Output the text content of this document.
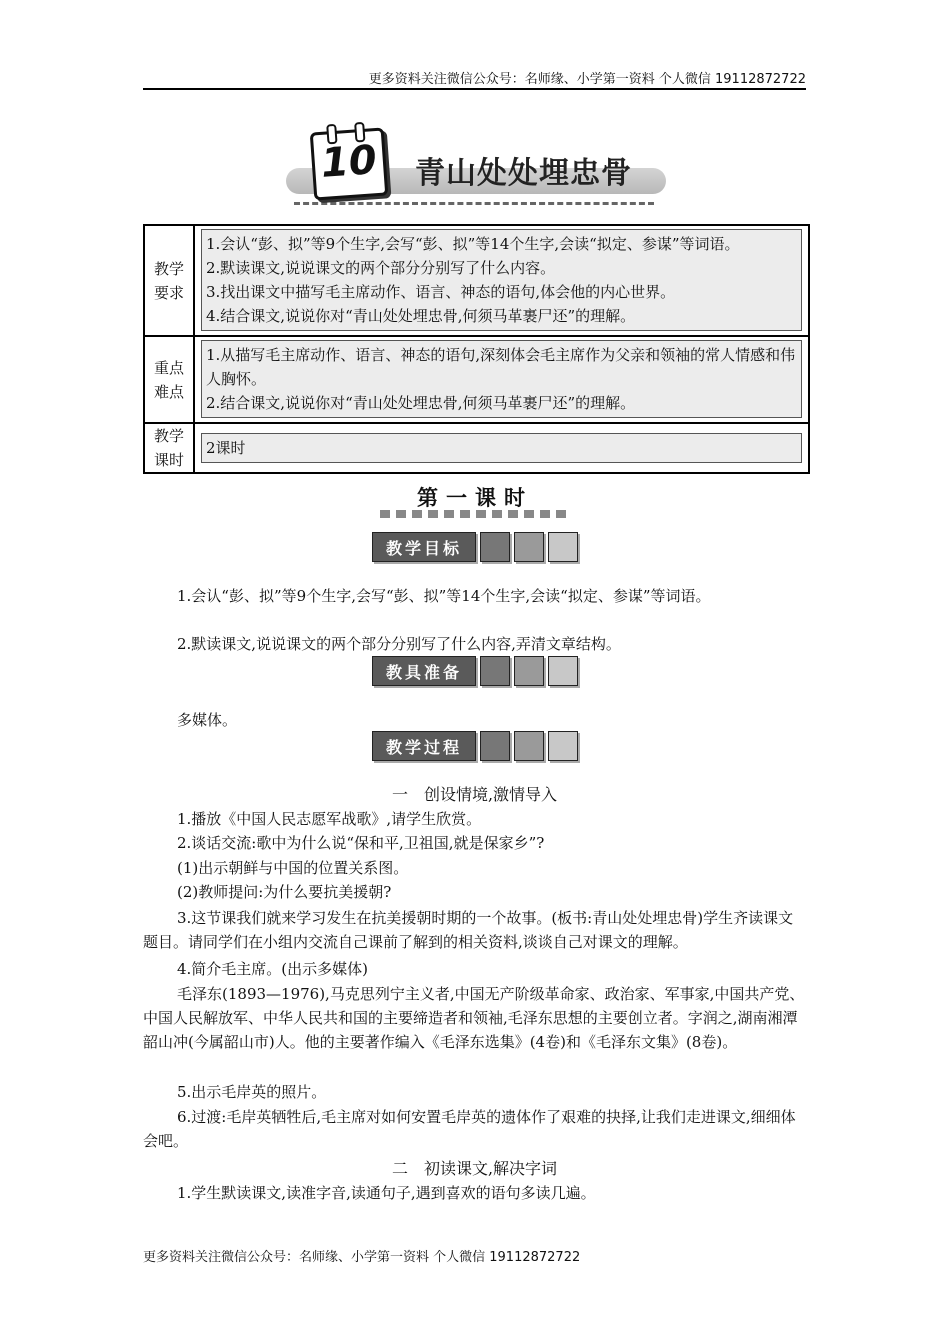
更多资料关注微信公众号：名师缘、小学第一资料 个人微信 19112872722
10 青山处处埋忠骨
教学
要求
1.会认“彭、拟”等9个生字,会写“彭、拟”等14个生字,会读“拟定、参谋”等词语。
2.默读课文,说说课文的两个部分分别写了什么内容。
3.找出课文中描写毛主席动作、语言、神态的语句,体会他的内心世界。
4.结合课文,说说你对“青山处处埋忠骨,何须马革裹尸还”的理解。
重点
难点
1.从描写毛主席动作、语言、神态的语句,深刻体会毛主席作为父亲和领袖的常人情感和伟人胸怀。
2.结合课文,说说你对“青山处处埋忠骨,何须马革裹尸还”的理解。
教学
课时
2课时
第一课时
教学目标
1.会认“彭、拟”等9个生字,会写“彭、拟”等14个生字,会读“拟定、参谋”等词语。
2.默读课文,说说课文的两个部分分别写了什么内容,弄清文章结构。
教具准备
多媒体。
教学过程
一　创设情境,激情导入
1.播放《中国人民志愿军战歌》,请学生欣赏。
2.谈话交流:歌中为什么说“保和平,卫祖国,就是保家乡”?
(1)出示朝鲜与中国的位置关系图。
(2)教师提问:为什么要抗美援朝?
3.这节课我们就来学习发生在抗美援朝时期的一个故事。(板书:青山处处埋忠骨)学生齐读课文题目。请同学们在小组内交流自己课前了解到的相关资料,谈谈自己对课文的理解。
4.简介毛主席。(出示多媒体)
毛泽东(1893—1976),马克思列宁主义者,中国无产阶级革命家、政治家、军事家,中国共产党、中国人民解放军、中华人民共和国的主要缔造者和领袖,毛泽东思想的主要创立者。字润之,湖南湘潭韶山冲(今属韶山市)人。他的主要著作编入《毛泽东选集》(4卷)和《毛泽东文集》(8卷)。
5.出示毛岸英的照片。
6.过渡:毛岸英牺牲后,毛主席对如何安置毛岸英的遗体作了艰难的抉择,让我们走进课文,细细体会吧。
二　初读课文,解决字词
1.学生默读课文,读准字音,读通句子,遇到喜欢的语句多读几遍。
更多资料关注微信公众号：名师缘、小学第一资料 个人微信 19112872722
